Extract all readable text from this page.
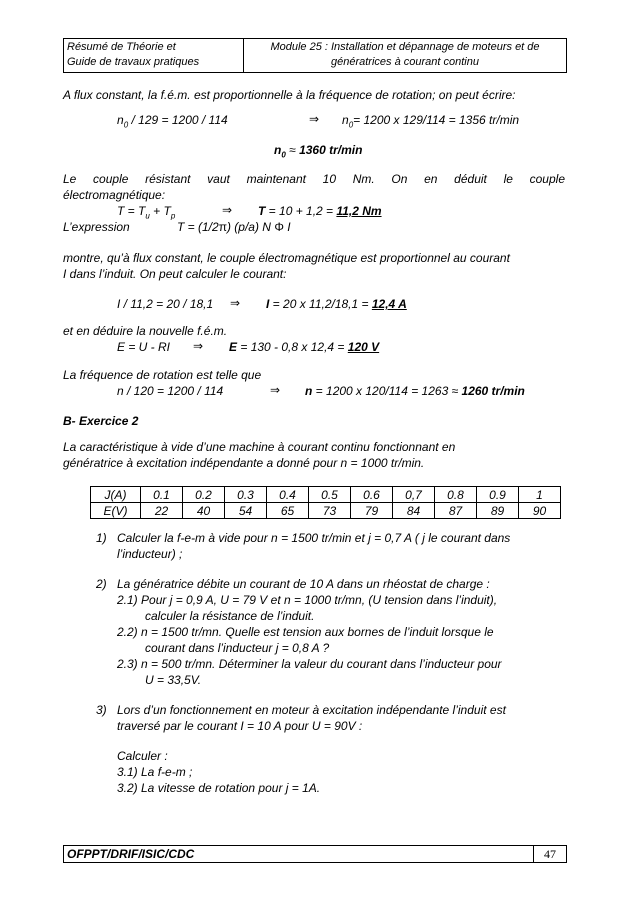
Résumé de Théorie et
Guide de travaux pratiques
Module 25 : Installation et dépannage de moteurs et de
génératrices à courant continu
A flux constant, la f.é.m. est proportionnelle à la fréquence de rotation; on peut écrire:
$n_0 / 129 = 1200 / 114$	⇒ $n_0= 1200$ x 129/114 = 1356 tr/min
$n_0 \approx 1360$ tr/min
Le couple résistant vaut maintenant 10 Nm. On en déduit le couple
électromagnétique:
$T = T_u + T_p$	⇒ T = 10 + 1,2 = 11,2 Nm
L’expression	T = (1/2π) (p/a) N Φ I
montre, qu’à flux constant, le couple électromagnétique est proportionnel au courant
I dans l’induit. On peut calculer le courant:
I / 11,2 = 20 / 18,1 ⇒ I = 20 x 11,2/18,1 = 12,4 A
et en déduire la nouvelle f.é.m.
E = U - RI ⇒ E = 130 - 0,8 x 12,4 = 120 V
La fréquence de rotation est telle que
n / 120 = 1200 / 114	⇒ n = 1200 x 120/114 = 1263 ≈ 1260 tr/min
B- Exercice 2
La caractéristique à vide d’une machine à courant continu fonctionnant en
génératrice à excitation indépendante a donné pour n = 1000 tr/min.
J(A)	0.1	0.2	0.3	0.4	0.5	0.6	0,7	0.8	0.9	1
E(V)	22	40	54	65	73	79	84	87	89	90
1) Calculer la f-e-m à vide pour n = 1500 tr/min et j = 0,7 A ( j le courant dans
l’inducteur) ;
2) La génératrice débite un courant de 10 A dans un rhéostat de charge :
2.1) Pour j = 0,9 A, U = 79 V et n = 1000 tr/mn, (U tension dans l’induit),
calculer la résistance de l’induit.
2.2) n = 1500 tr/mn. Quelle est tension aux bornes de l’induit lorsque le
courant dans l’inducteur j = 0,8 A ?
2.3) n = 500 tr/mn. Déterminer la valeur du courant dans l’inducteur pour
U = 33,5V.
3) Lors d’un fonctionnement en moteur à excitation indépendante l’induit est
traversé par le courant I = 10 A pour U = 90V :
Calculer :
3.1) La f-e-m ;
3.2) La vitesse de rotation pour j = 1A.
OFPPT/DRIF/ISIC/CDC	47
